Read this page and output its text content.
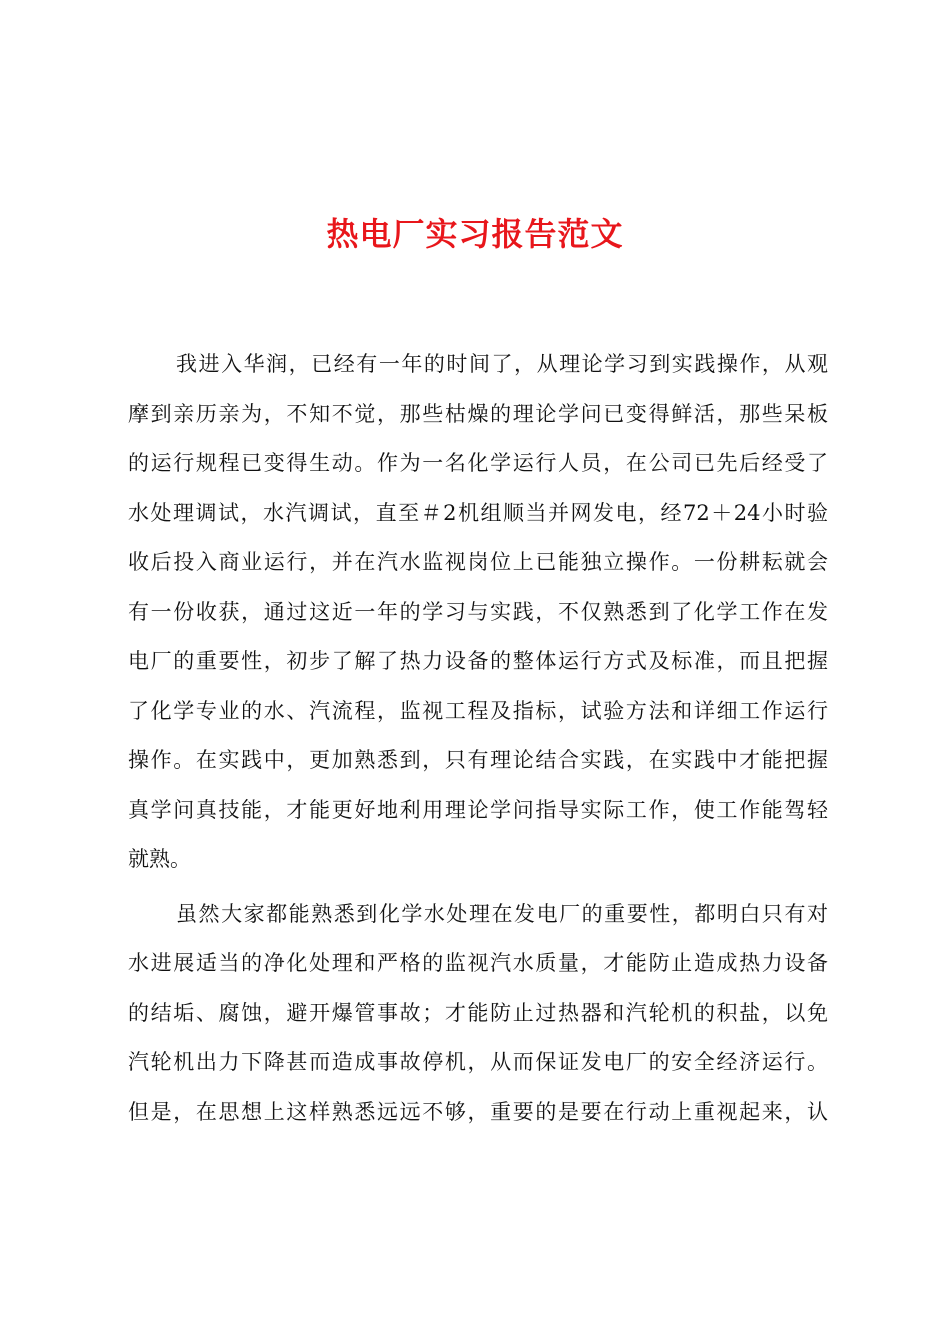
热电厂实习报告范文
我进入华润，已经有一年的时间了，从理论学习到实践操作，从观
摩到亲历亲为，不知不觉，那些枯燥的理论学问已变得鲜活，那些呆板
的运行规程已变得生动。作为一名化学运行人员，在公司已先后经受了
水处理调试，水汽调试，直至＃2机组顺当并网发电，经72＋24小时验
收后投入商业运行，并在汽水监视岗位上已能独立操作。一份耕耘就会
有一份收获，通过这近一年的学习与实践，不仅熟悉到了化学工作在发
电厂的重要性，初步了解了热力设备的整体运行方式及标准，而且把握
了化学专业的水、汽流程，监视工程及指标，试验方法和详细工作运行
操作。在实践中，更加熟悉到，只有理论结合实践，在实践中才能把握
真学问真技能，才能更好地利用理论学问指导实际工作，使工作能驾轻
就熟。
虽然大家都能熟悉到化学水处理在发电厂的重要性，都明白只有对
水进展适当的净化处理和严格的监视汽水质量，才能防止造成热力设备
的结垢、腐蚀，避开爆管事故；才能防止过热器和汽轮机的积盐，以免
汽轮机出力下降甚而造成事故停机，从而保证发电厂的安全经济运行。
但是，在思想上这样熟悉远远不够，重要的是要在行动上重视起来，认
